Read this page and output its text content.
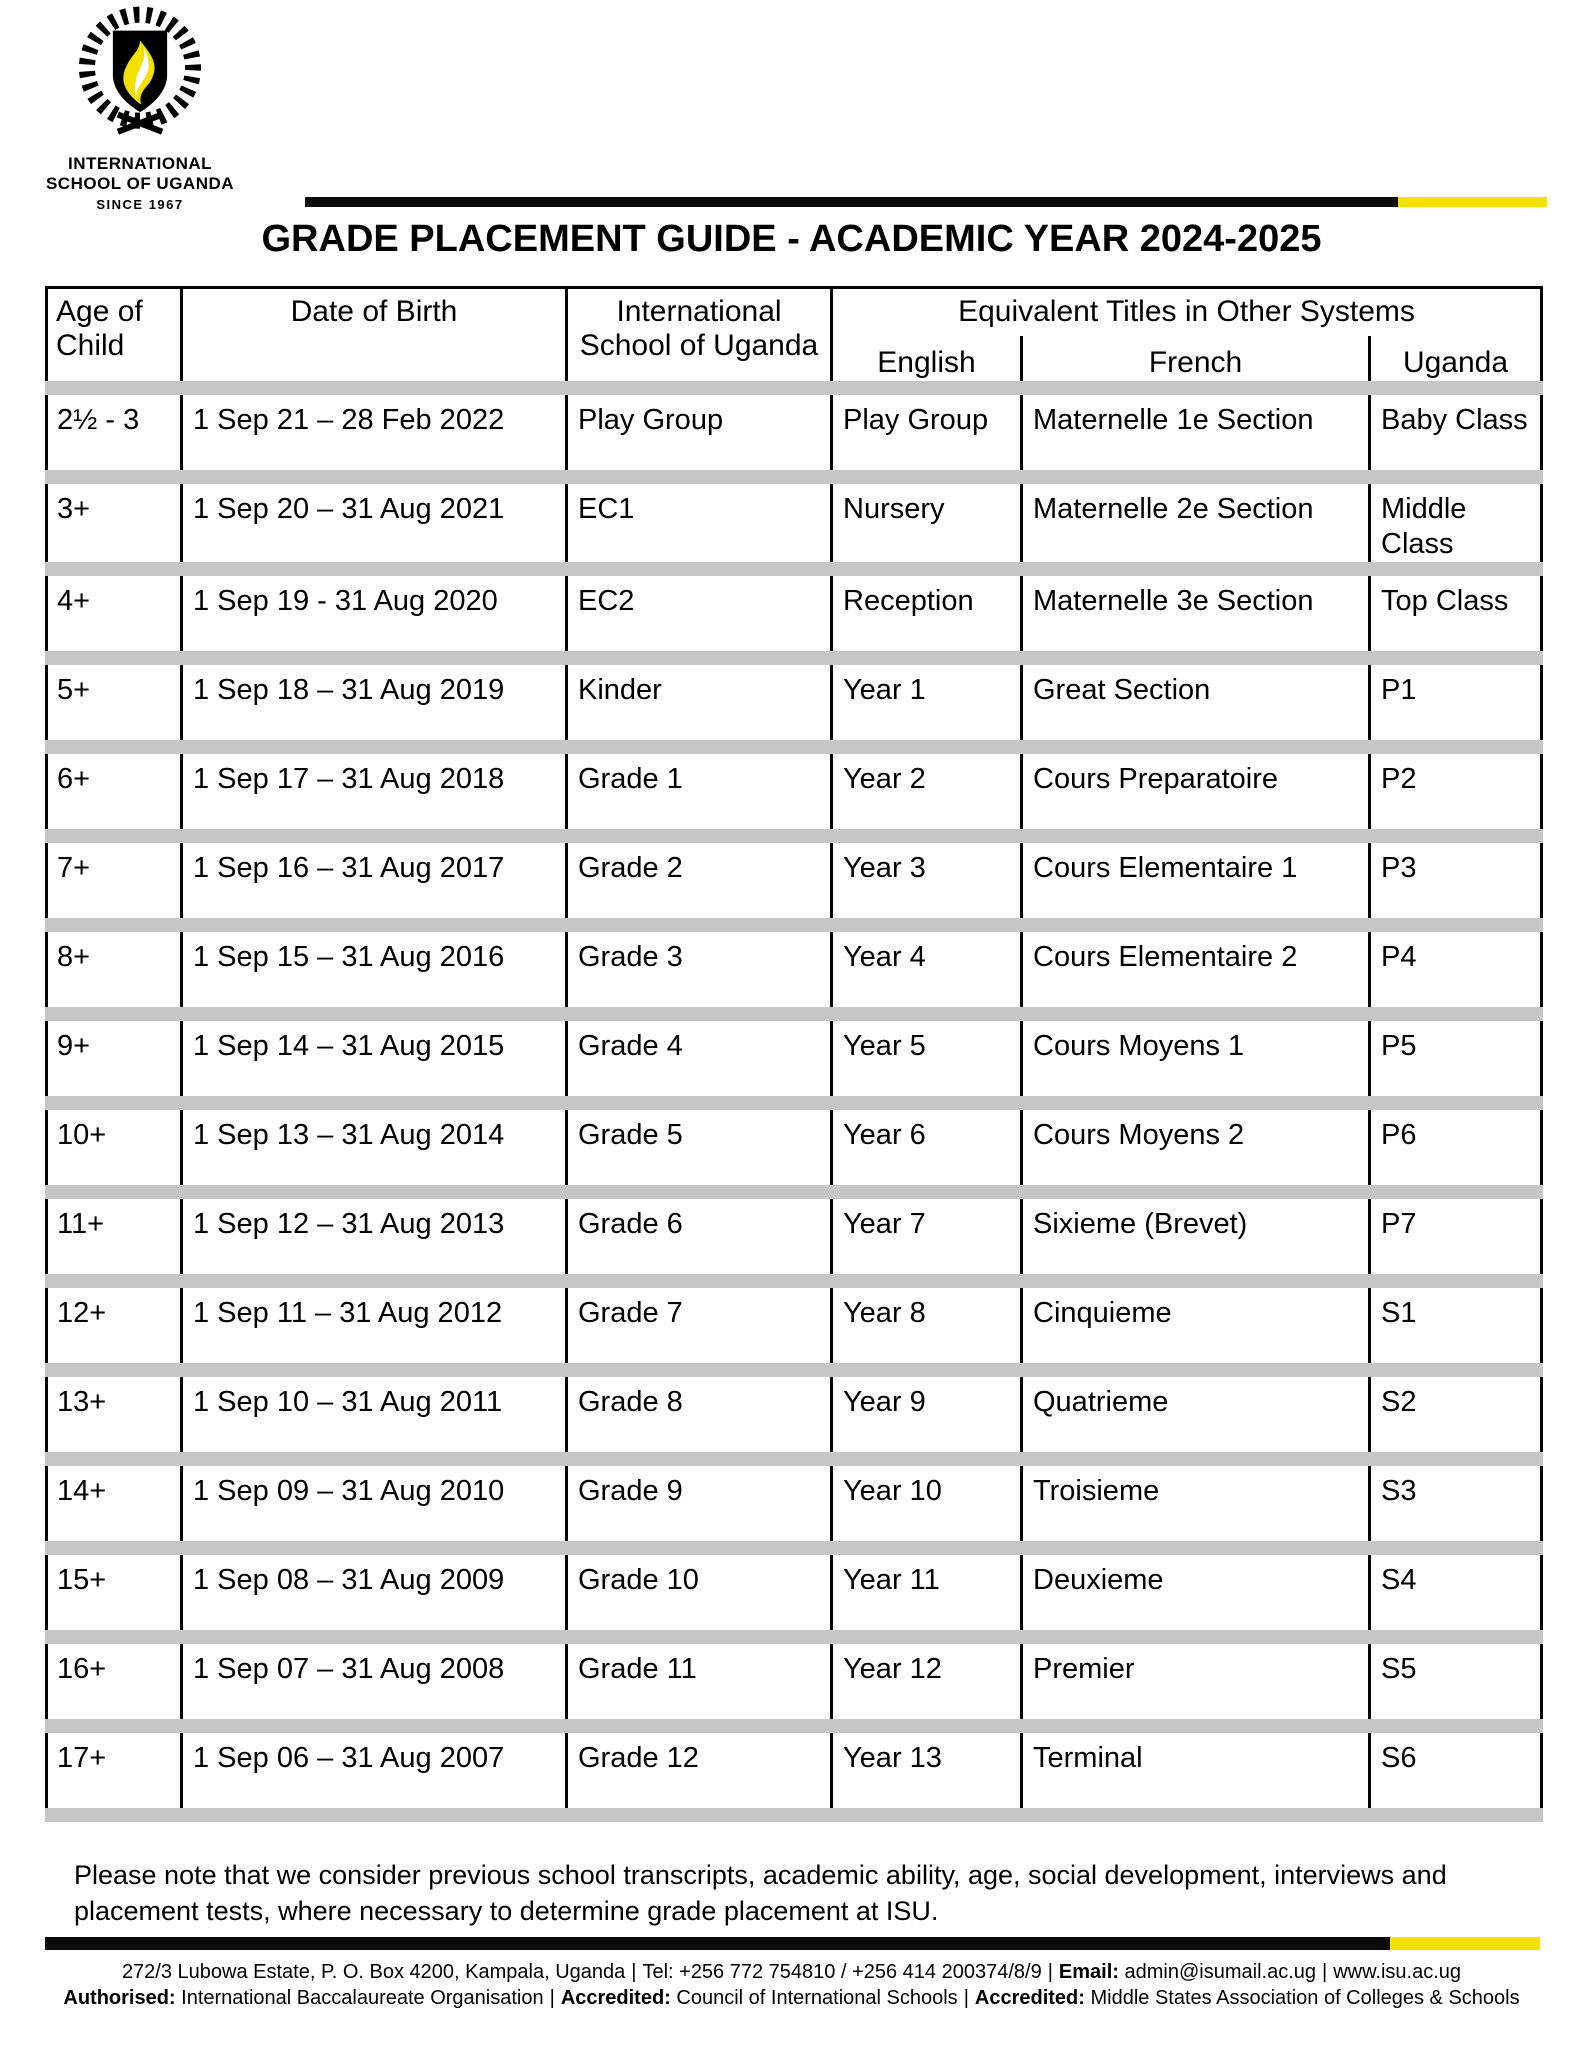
INTERNATIONAL
SCHOOL OF UGANDA
SINCE 1967
GRADE PLACEMENT GUIDE - ACADEMIC YEAR 2024-2025
Age of Child
Date of Birth	International School of Uganda
Equivalent Titles in Other Systems
English	French	Uganda
2½ - 3	1 Sep 21 – 28 Feb 2022	Play Group	Play Group	Maternelle 1e Section	Baby Class
3+	1 Sep 20 – 31 Aug 2021	EC1	Nursery	Maternelle 2e Section	Middle Class
4+	1 Sep 19 - 31 Aug 2020	EC2	Reception	Maternelle 3e Section	Top Class
5+	1 Sep 18 – 31 Aug 2019	Kinder	Year 1	Great Section	P1
6+	1 Sep 17 – 31 Aug 2018	Grade 1	Year 2	Cours Preparatoire	P2
7+	1 Sep 16 – 31 Aug 2017	Grade 2	Year 3	Cours Elementaire 1	P3
8+	1 Sep 15 – 31 Aug 2016	Grade 3	Year 4	Cours Elementaire 2	P4
9+	1 Sep 14 – 31 Aug 2015	Grade 4	Year 5	Cours Moyens 1	P5
10+	1 Sep 13 – 31 Aug 2014	Grade 5	Year 6	Cours Moyens 2	P6
11+	1 Sep 12 – 31 Aug 2013	Grade 6	Year 7	Sixieme (Brevet)	P7
12+	1 Sep 11 – 31 Aug 2012	Grade 7	Year 8	Cinquieme	S1
13+	1 Sep 10 – 31 Aug 2011	Grade 8	Year 9	Quatrieme	S2
14+	1 Sep 09 – 31 Aug 2010	Grade 9	Year 10	Troisieme	S3
15+	1 Sep 08 – 31 Aug 2009	Grade 10	Year 11	Deuxieme	S4
16+	1 Sep 07 – 31 Aug 2008	Grade 11	Year 12	Premier	S5
17+	1 Sep 06 – 31 Aug 2007	Grade 12	Year 13	Terminal	S6

Please note that we consider previous school transcripts, academic ability, age, social development, interviews and placement tests, where necessary to determine grade placement at ISU.

272/3 Lubowa Estate, P. O. Box 4200, Kampala, Uganda | Tel: +256 772 754810 / +256 414 200374/8/9 | Email: admin@isumail.ac.ug | www.isu.ac.ug
Authorised: International Baccalaureate Organisation | Accredited: Council of International Schools | Accredited: Middle States Association of Colleges & Schools
